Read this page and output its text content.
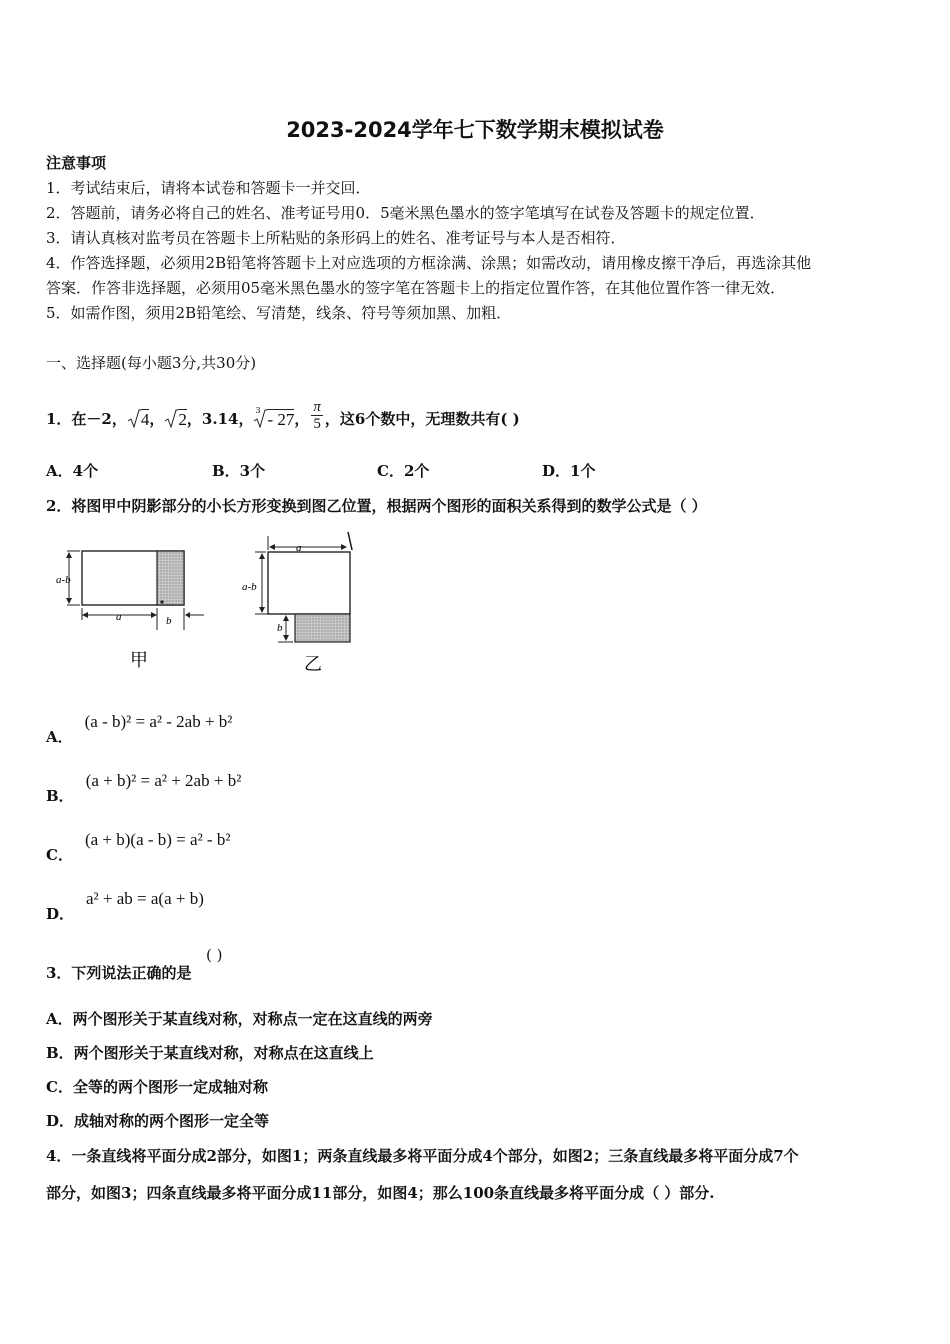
2023-2024学年七下数学期末模拟试卷
注意事项
1．考试结束后，请将本试卷和答题卡一并交回．
2．答题前，请务必将自己的姓名、准考证号用0．5毫米黑色墨水的签字笔填写在试卷及答题卡的规定位置．
3．请认真核对监考员在答题卡上所粘贴的条形码上的姓名、准考证号与本人是否相符．
4．作答选择题，必须用2B铅笔将答题卡上对应选项的方框涂满、涂黑；如需改动，请用橡皮擦干净后，再选涂其他
答案．作答非选择题，必须用05毫米黑色墨水的签字笔在答题卡上的指定位置作答，在其他位置作答一律无效．
5．如需作图，须用2B铅笔绘、写清楚，线条、符号等须加黑、加粗．
一、选择题(每小题3分,共30分)
1．在－2， 4 ， 2 ， 3.14， 3 - 27 ，
π
5 ，这6个数中，无理数共有( )
A．4个	B．3个	C．2个	D．1个
2．将图甲中阴影部分的小长方形变换到图乙位置，根据两个图形的面积关系得到的数学公式是（ ）
a-b
a	b
甲
a
a-b
b
乙
A．
(a - b)² = a² - 2ab + b²
B．
(a + b)² = a² + 2ab + b²
C．
(a + b)(a - b) = a² - b²
D．
a² + ab = a(a + b)
3．下列说法正确的是
( )
A．两个图形关于某直线对称，对称点一定在这直线的两旁
B．两个图形关于某直线对称，对称点在这直线上
C．全等的两个图形一定成轴对称
D．成轴对称的两个图形一定全等
4．一条直线将平面分成2部分，如图1；两条直线最多将平面分成4个部分，如图2；三条直线最多将平面分成7个
部分，如图3；四条直线最多将平面分成11部分，如图4；那么100条直线最多将平面分成（ ）部分.
